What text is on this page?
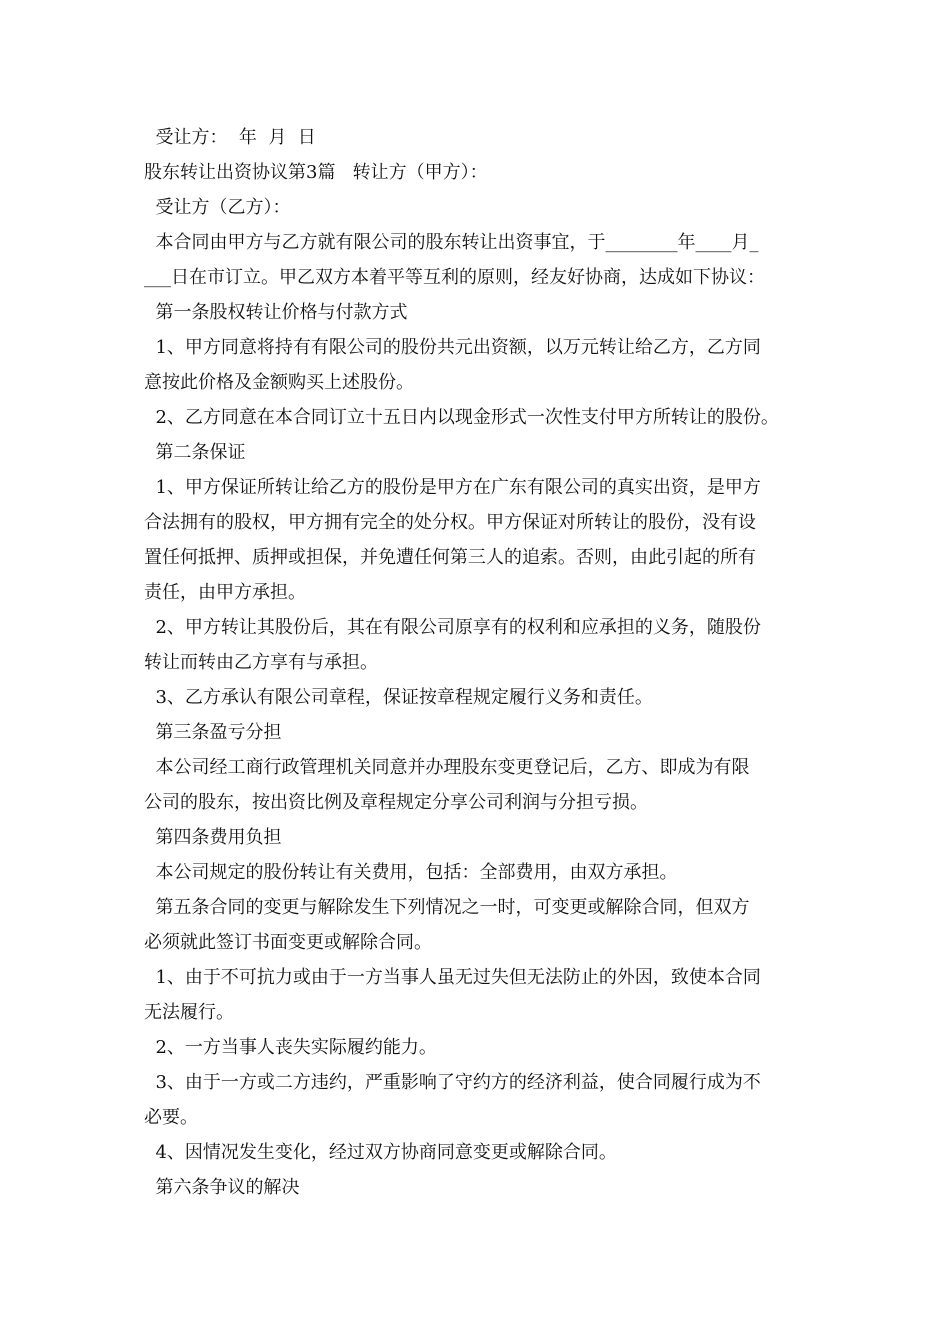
受让方：  年  月  日
股东转让出资协议第3篇   转让方（甲方）：
受让方（乙方）：
本合同由甲方与乙方就有限公司的股东转让出资事宜，于________年____月_
___日在市订立。甲乙双方本着平等互利的原则，经友好协商，达成如下协议：
第一条股权转让价格与付款方式
1、甲方同意将持有有限公司的股份共元出资额，以万元转让给乙方，乙方同
意按此价格及金额购买上述股份。
2、乙方同意在本合同订立十五日内以现金形式一次性支付甲方所转让的股份。
第二条保证
1、甲方保证所转让给乙方的股份是甲方在广东有限公司的真实出资，是甲方
合法拥有的股权，甲方拥有完全的处分权。甲方保证对所转让的股份，没有设
置任何抵押、质押或担保，并免遭任何第三人的追索。否则，由此引起的所有
责任，由甲方承担。
2、甲方转让其股份后，其在有限公司原享有的权利和应承担的义务，随股份
转让而转由乙方享有与承担。
3、乙方承认有限公司章程，保证按章程规定履行义务和责任。
第三条盈亏分担
本公司经工商行政管理机关同意并办理股东变更登记后，乙方、即成为有限
公司的股东，按出资比例及章程规定分享公司利润与分担亏损。
第四条费用负担
本公司规定的股份转让有关费用，包括：全部费用，由双方承担。
第五条合同的变更与解除发生下列情况之一时，可变更或解除合同，但双方
必须就此签订书面变更或解除合同。
1、由于不可抗力或由于一方当事人虽无过失但无法防止的外因，致使本合同
无法履行。
2、一方当事人丧失实际履约能力。
3、由于一方或二方违约，严重影响了守约方的经济利益，使合同履行成为不
必要。
4、因情况发生变化，经过双方协商同意变更或解除合同。
第六条争议的解决
